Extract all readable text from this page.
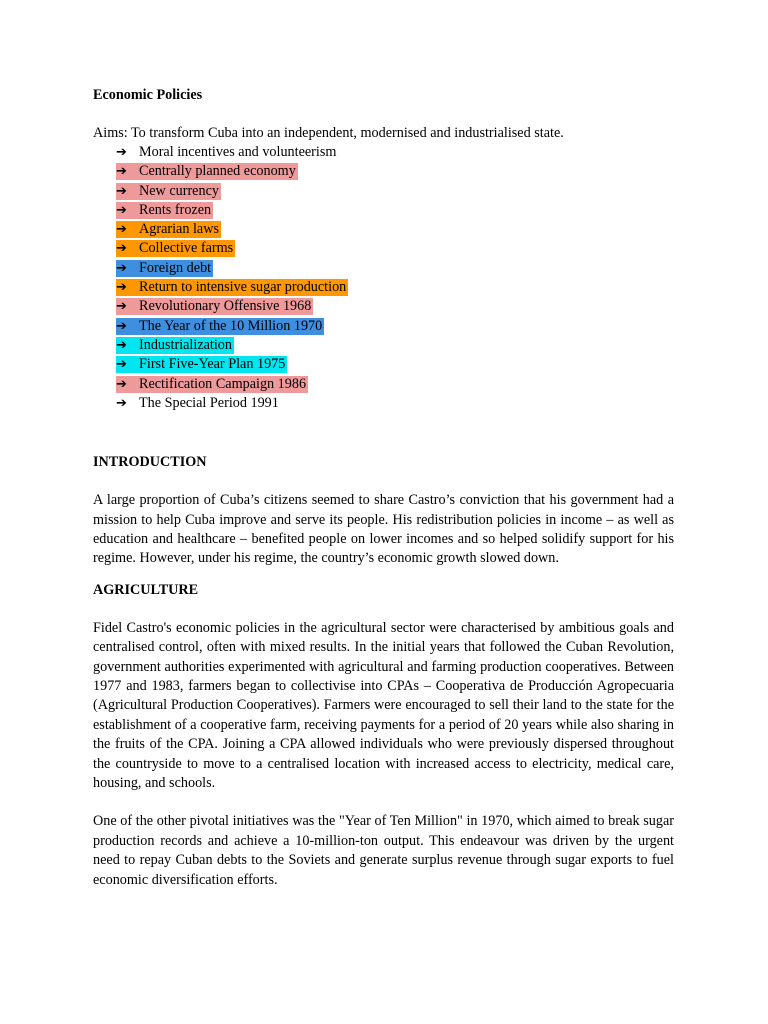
Economic Policies

Aims: To transform Cuba into an independent, modernised and industrialised state.
➔ Moral incentives and volunteerism
➔ Centrally planned economy
➔ New currency
➔ Rents frozen
➔ Agrarian laws
➔ Collective farms
➔ Foreign debt
➔ Return to intensive sugar production
➔ Revolutionary Offensive 1968
➔ The Year of the 10 Million 1970
➔ Industrialization
➔ First Five-Year Plan 1975
➔ Rectification Campaign 1986
➔ The Special Period 1991

INTRODUCTION

A large proportion of Cuba’s citizens seemed to share Castro’s conviction that his government had a mission to help Cuba improve and serve its people. His redistribution policies in income – as well as education and healthcare – benefited people on lower incomes and so helped solidify support for his regime. However, under his regime, the country’s economic growth slowed down.

AGRICULTURE

Fidel Castro's economic policies in the agricultural sector were characterised by ambitious goals and centralised control, often with mixed results. In the initial years that followed the Cuban Revolution, government authorities experimented with agricultural and farming production cooperatives. Between 1977 and 1983, farmers began to collectivise into CPAs – Cooperativa de Producción Agropecuaria (Agricultural Production Cooperatives). Farmers were encouraged to sell their land to the state for the establishment of a cooperative farm, receiving payments for a period of 20 years while also sharing in the fruits of the CPA. Joining a CPA allowed individuals who were previously dispersed throughout the countryside to move to a centralised location with increased access to electricity, medical care, housing, and schools.

One of the other pivotal initiatives was the "Year of Ten Million" in 1970, which aimed to break sugar production records and achieve a 10-million-ton output. This endeavour was driven by the urgent need to repay Cuban debts to the Soviets and generate surplus revenue through sugar exports to fuel economic diversification efforts.
